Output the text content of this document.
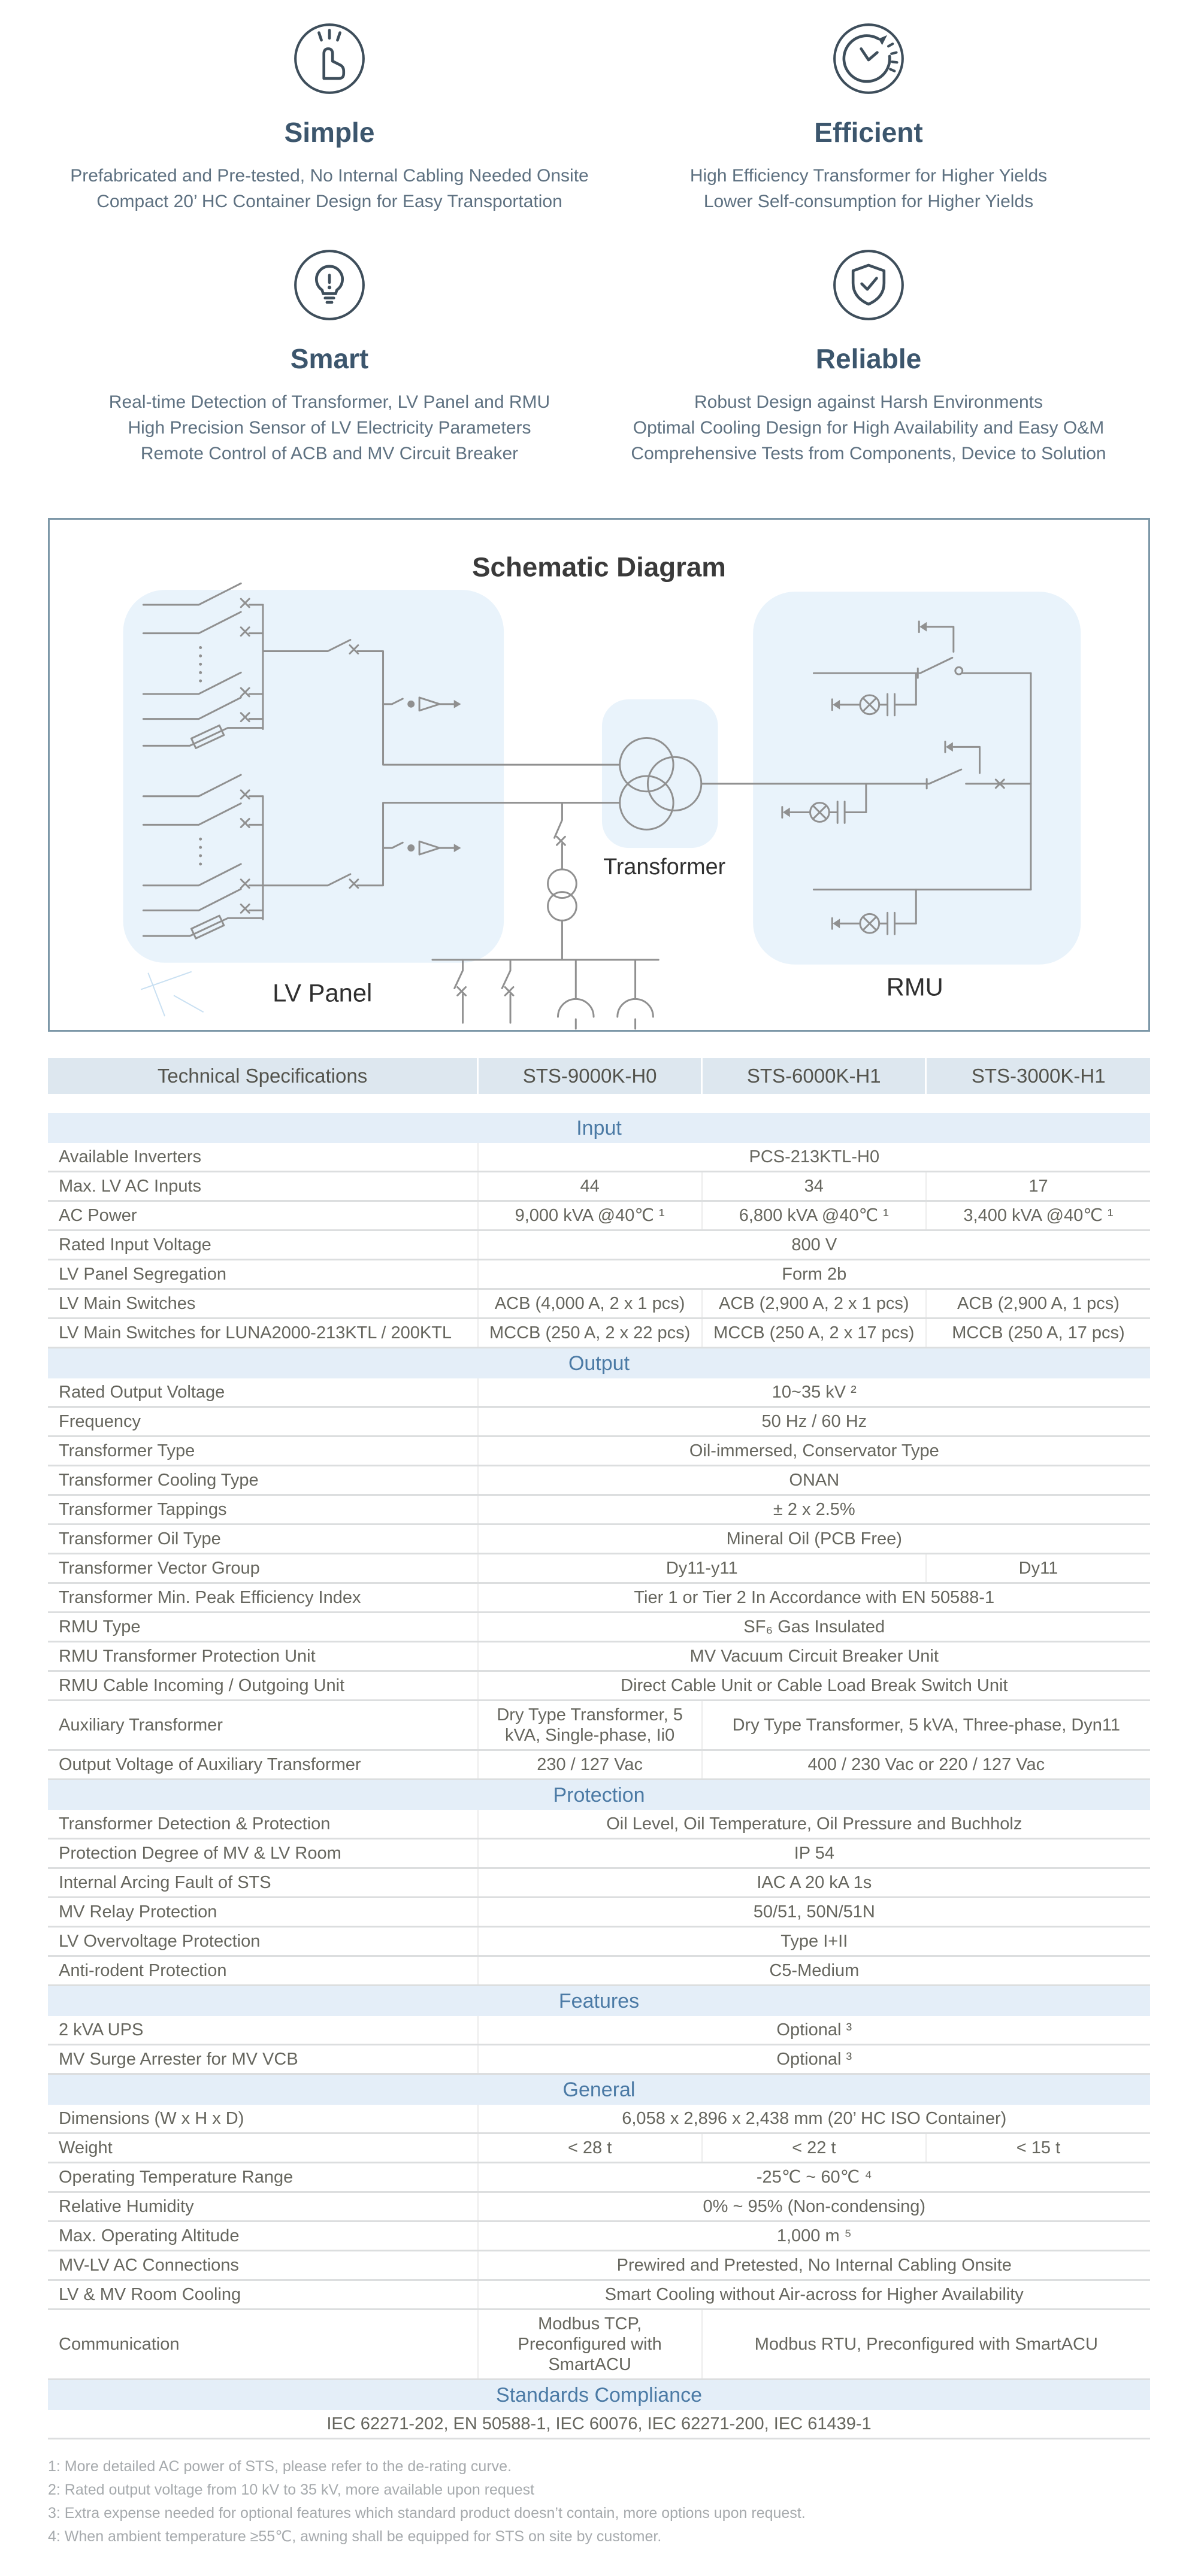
Simple

Prefabricated and Pre-tested, No Internal Cabling Needed Onsite

Compact 20’ HC Container Design for Easy Transportation

Efficient

High Efficiency Transformer for Higher Yields

Lower Self-consumption for Higher Yields

Smart

Real-time Detection of Transformer, LV Panel and RMU

High Precision Sensor of LV Electricity Parameters

Remote Control of ACB and MV Circuit Breaker

Reliable

Robust Design against Harsh Environments

Optimal Cooling Design for High Availability and Easy O&M

Comprehensive Tests from Components, Device to Solution

Schematic Diagram
LV Panel
Transformer
RMU
Technical Specifications	STS-9000K-H0	STS-6000K-H1	STS-3000K-H1
Input			
Available Inverters	PCS-213KTL-H0		
Max. LV AC Inputs	44	34	17
AC Power	9,000 kVA @40℃ ¹	6,800 kVA @40℃ ¹	3,400 kVA @40℃ ¹
Rated Input Voltage	800 V		
LV Panel Segregation	Form 2b		
LV Main Switches	ACB (4,000 A, 2 x 1 pcs)	ACB (2,900 A, 2 x 1 pcs)	ACB (2,900 A, 1 pcs)
LV Main Switches for LUNA2000-213KTL / 200KTL	MCCB (250 A, 2 x 22 pcs)	MCCB (250 A, 2 x 17 pcs)	MCCB (250 A, 17 pcs)
Output			
Rated Output Voltage	10~35 kV ²		
Frequency	50 Hz / 60 Hz		
Transformer Type	Oil-immersed, Conservator Type		
Transformer Cooling Type	ONAN		
Transformer Tappings	± 2 x 2.5%		
Transformer Oil Type	Mineral Oil (PCB Free)		
Transformer Vector Group	Dy11-y11		Dy11
Transformer Min. Peak Efficiency Index	Tier 1 or Tier 2 In Accordance with EN 50588-1		
RMU Type	SF₆ Gas Insulated		
RMU Transformer Protection Unit	MV Vacuum Circuit Breaker Unit		
RMU Cable Incoming / Outgoing Unit	Direct Cable Unit or Cable Load Break Switch Unit		
Auxiliary Transformer	Dry Type Transformer, 5 kVA, Single-phase, Ii0	Dry Type Transformer, 5 kVA, Three-phase, Dyn11	
Output Voltage of Auxiliary Transformer	230 / 127 Vac	400 / 230 Vac or 220 / 127 Vac	
Protection			
Transformer Detection & Protection	Oil Level, Oil Temperature, Oil Pressure and Buchholz		
Protection Degree of MV & LV Room	IP 54		
Internal Arcing Fault of STS	IAC A 20 kA 1s		
MV Relay Protection	50/51, 50N/51N		
LV Overvoltage Protection	Type I+II		
Anti-rodent Protection	C5-Medium		
Features			
2 kVA UPS	Optional ³		
MV Surge Arrester for MV VCB	Optional ³		
General			
Dimensions (W x H x D)	6,058 x 2,896 x 2,438 mm (20’ HC ISO Container)		
Weight	< 28 t	< 22 t	< 15 t
Operating Temperature Range	-25℃ ~ 60℃ ⁴		
Relative Humidity	0% ~ 95% (Non-condensing)		
Max. Operating Altitude	1,000 m ⁵		
MV-LV AC Connections	Prewired and Pretested, No Internal Cabling Onsite		
LV & MV Room Cooling	Smart Cooling without Air-across for Higher Availability		
Communication	Modbus TCP, Preconfigured with SmartACU	Modbus RTU, Preconfigured with SmartACU	
Standards Compliance			
IEC 62271-202, EN 50588-1, IEC 60076, IEC 62271-200, IEC 61439-1			

1: More detailed AC power of STS, please refer to the de-rating curve.

2: Rated output voltage from 10 kV to 35 kV, more available upon request

3: Extra expense needed for optional features which standard product doesn’t contain, more options upon request.

4: When ambient temperature ≥55℃, awning shall be equipped for STS on site by customer.
